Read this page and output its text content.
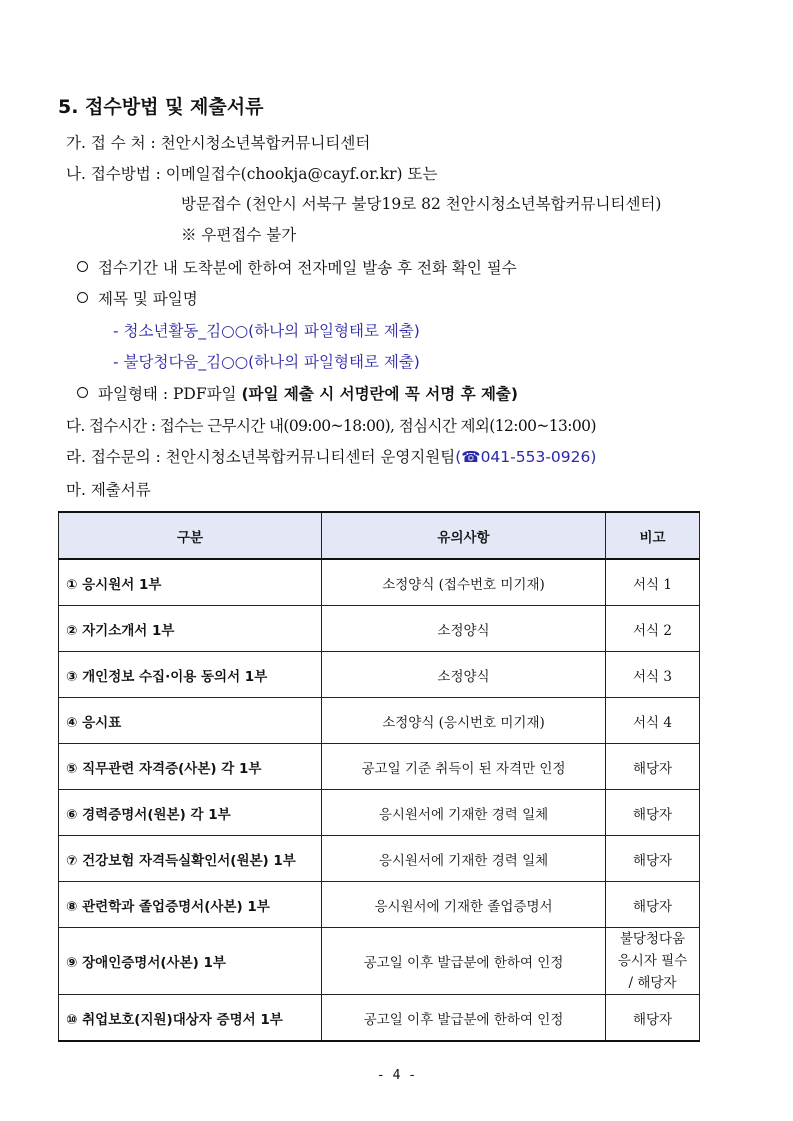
5. 접수방법 및 제출서류
가. 접 수 처 : 천안시청소년복합커뮤니티센터
나. 접수방법 : 이메일접수(chookja@cayf.or.kr) 또는
방문접수 (천안시 서북구 불당19로 82 천안시청소년복합커뮤니티센터)
※ 우편접수 불가
접수기간 내 도착분에 한하여 전자메일 발송 후 전화 확인 필수
제목 및 파일명
- 청소년활동_김○○(하나의 파일형태로 제출)
- 불당청다움_김○○(하나의 파일형태로 제출)
파일형태 : PDF파일 (파일 제출 시 서명란에 꼭 서명 후 제출)
다. 접수시간 : 접수는 근무시간 내(09:00~18:00), 점심시간 제외(12:00~13:00)
라. 접수문의 : 천안시청소년복합커뮤니티센터 운영지원팀(☎041-553-0926)
마. 제출서류
구분	유의사항	비고
① 응시원서 1부	소정양식 (접수번호 미기재)	서식 1
② 자기소개서 1부	소정양식	서식 2
③ 개인정보 수집·이용 동의서 1부	소정양식	서식 3
④ 응시표	소정양식 (응시번호 미기재)	서식 4
⑤ 직무관련 자격증(사본) 각 1부	공고일 기준 취득이 된 자격만 인정	해당자
⑥ 경력증명서(원본) 각 1부	응시원서에 기재한 경력 일체	해당자
⑦ 건강보험 자격득실확인서(원본) 1부	응시원서에 기재한 경력 일체	해당자
⑧ 관련학과 졸업증명서(사본) 1부	응시원서에 기재한 졸업증명서	해당자
⑨ 장애인증명서(사본) 1부	공고일 이후 발급분에 한하여 인정	불당청다움
응시자 필수
/ 해당자

⑩ 취업보호(지원)대상자 증명서 1부	공고일 이후 발급분에 한하여 인정	해당자
- 4 -
